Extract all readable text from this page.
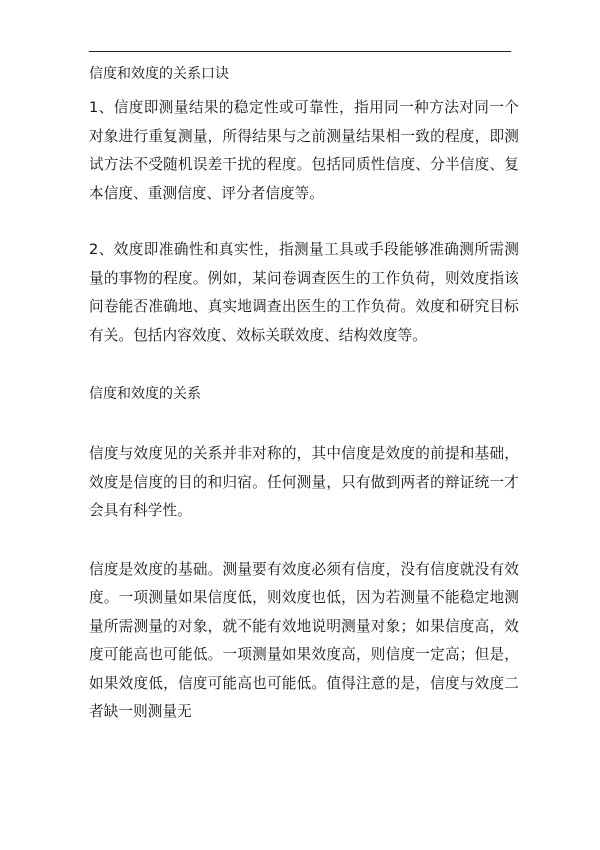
信度和效度的关系口诀

1、信度即测量结果的稳定性或可靠性，指用同一种方法对同一个对象进行重复测量，所得结果与之前测量结果相一致的程度，即测试方法不受随机误差干扰的程度。包括同质性信度、分半信度、复本信度、重测信度、评分者信度等。

2、效度即准确性和真实性，指测量工具或手段能够准确测所需测量的事物的程度。例如，某问卷调查医生的工作负荷，则效度指该问卷能否准确地、真实地调查出医生的工作负荷。效度和研究目标有关。包括内容效度、效标关联效度、结构效度等。

信度和效度的关系

信度与效度见的关系并非对称的，其中信度是效度的前提和基础，效度是信度的目的和归宿。任何测量，只有做到两者的辩证统一才会具有科学性。

信度是效度的基础。测量要有效度必须有信度，没有信度就没有效度。一项测量如果信度低，则效度也低，因为若测量不能稳定地测量所需测量的对象，就不能有效地说明测量对象；如果信度高，效度可能高也可能低。一项测量如果效度高，则信度一定高；但是，如果效度低，信度可能高也可能低。值得注意的是，信度与效度二者缺一则测量无
